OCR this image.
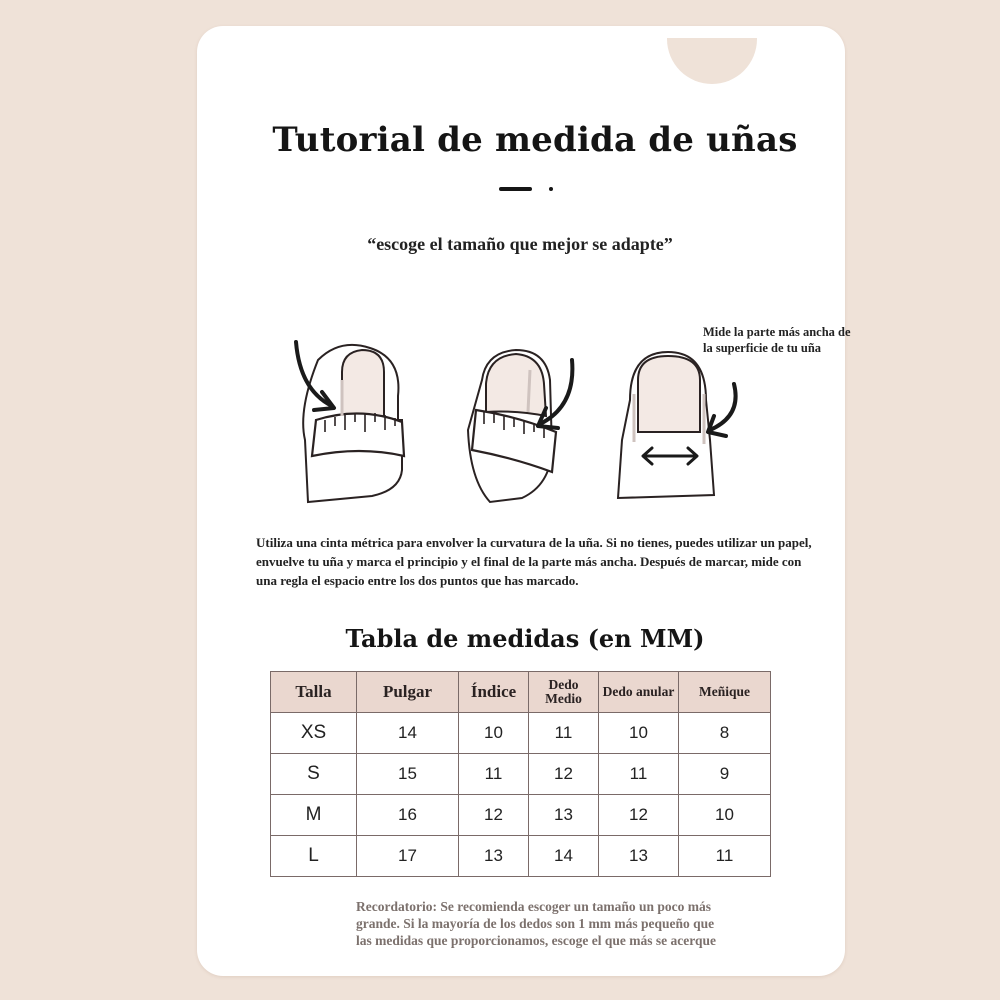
Tutorial de medida de uñas
“escoge el tamaño que mejor se adapte”
Mide la parte más ancha de la superficie de tu uña
Utiliza una cinta métrica para envolver la curvatura de la uña. Si no tienes, puedes utilizar un papel, envuelve tu uña y marca el principio y el final de la parte más ancha. Después de marcar, mide con una regla el espacio entre los dos puntos que has marcado.
Tabla de medidas (en MM)
Talla	Pulgar	Índice	Dedo Medio	Dedo anular	Meñique
XS	14	10	11	10	8
S	15	11	12	11	9
M	16	12	13	12	10
L	17	13	14	13	11
Recordatorio: Se recomienda escoger un tamaño un poco más grande. Si la mayoría de los dedos son 1 mm más pequeño que las medidas que proporcionamos, escoge el que más se acerque
